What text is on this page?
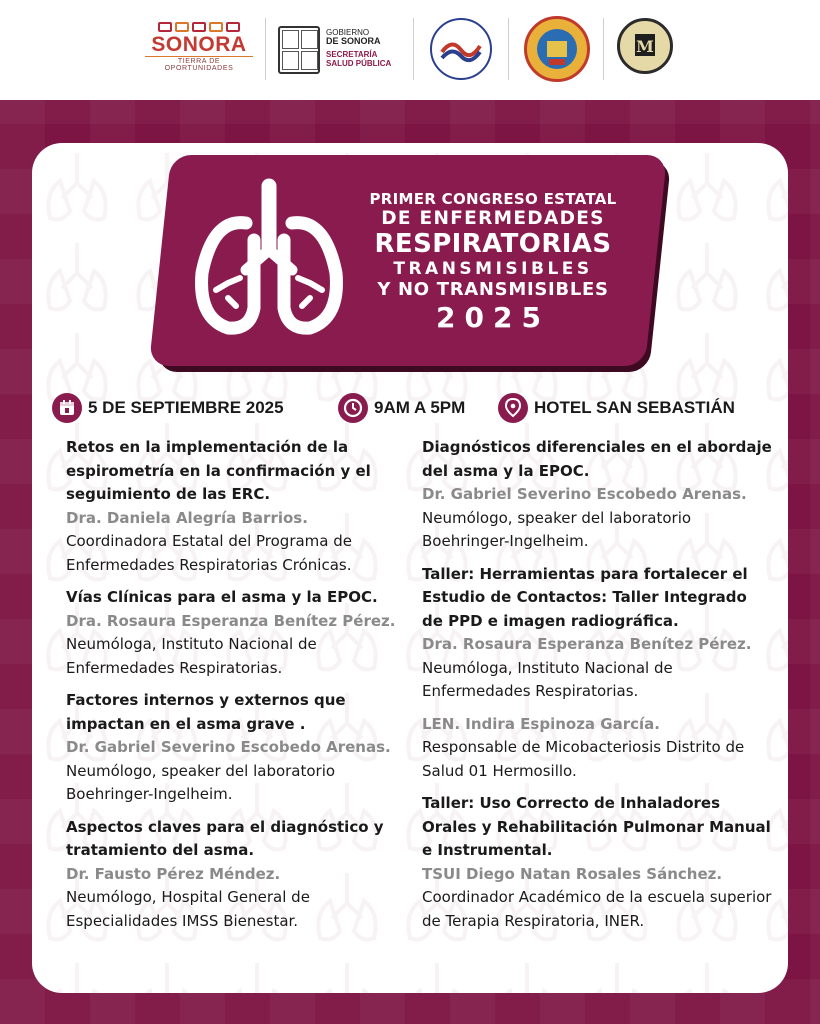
SONORA
TIERRA DE OPORTUNIDADES
GOBIERNO
DE SONORA
SECRETARÍA
SALUD PÚBLICA
M
PRIMER CONGRESO ESTATAL
DE ENFERMEDADES
RESPIRATORIAS
TRANSMISIBLES
Y NO TRANSMISIBLES
2025
5 DE SEPTIEMBRE 2025	9AM A 5PM	HOTEL SAN SEBASTIÁN
Retos en la implementación de la espirometría en la confirmación y el seguimiento de las ERC.
Dra. Daniela Alegría Barrios.
Coordinadora Estatal del Programa de Enfermedades Respiratorias Crónicas.
Vías Clínicas para el asma y la EPOC.
Dra. Rosaura Esperanza Benítez Pérez. Neumóloga, Instituto Nacional de Enfermedades Respiratorias.
Factores internos y externos que impactan en el asma grave .
Dr. Gabriel Severino Escobedo Arenas. Neumólogo, speaker del laboratorio Boehringer-Ingelheim.
Aspectos claves para el diagnóstico y tratamiento del asma.
Dr. Fausto Pérez Méndez.
Neumólogo, Hospital General de Especialidades IMSS Bienestar.
Diagnósticos diferenciales en el abordaje del asma y la EPOC.
Dr. Gabriel Severino Escobedo Arenas. Neumólogo, speaker del laboratorio Boehringer-Ingelheim.
Taller: Herramientas para fortalecer el Estudio de Contactos: Taller Integrado de PPD e imagen radiográfica.
Dra. Rosaura Esperanza Benítez Pérez. Neumóloga, Instituto Nacional de Enfermedades Respiratorias.
LEN. Indira Espinoza García.
Responsable de Micobacteriosis Distrito de Salud 01 Hermosillo.
Taller: Uso Correcto de Inhaladores Orales y Rehabilitación Pulmonar Manual e Instrumental.
TSUI Diego Natan Rosales Sánchez.
Coordinador Académico de la escuela superior de Terapia Respiratoria, INER.
